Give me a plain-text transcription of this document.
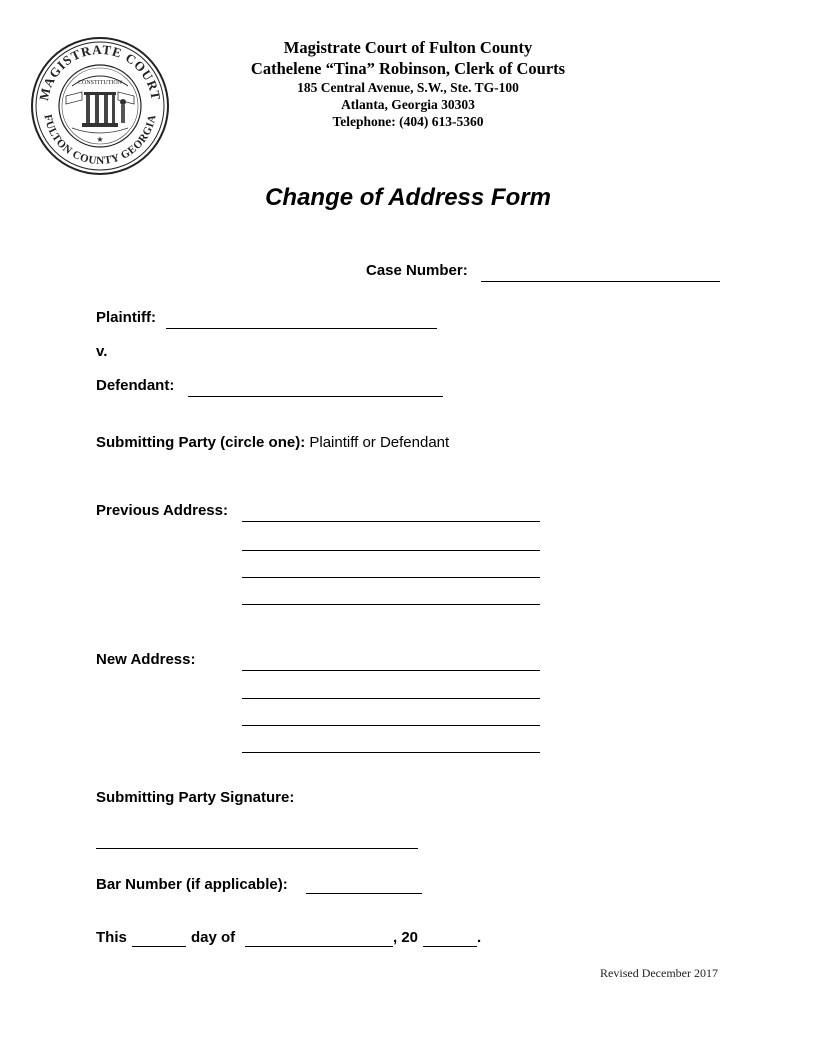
MAGISTRATE COURT
FULTON COUNTY GEORGIA
CONSTITUTION
★
Magistrate Court of Fulton County
Cathelene “Tina” Robinson, Clerk of Courts
185 Central Avenue, S.W., Ste. TG-100
Atlanta, Georgia 30303
Telephone: (404) 613-5360
Change of Address Form
Case Number:
Plaintiff:
v.
Defendant:
Submitting Party (circle one): Plaintiff or Defendant
Previous Address:
New Address:
Submitting Party Signature:
Bar Number (if applicable):
This	day of	, 20	.
Revised December 2017
